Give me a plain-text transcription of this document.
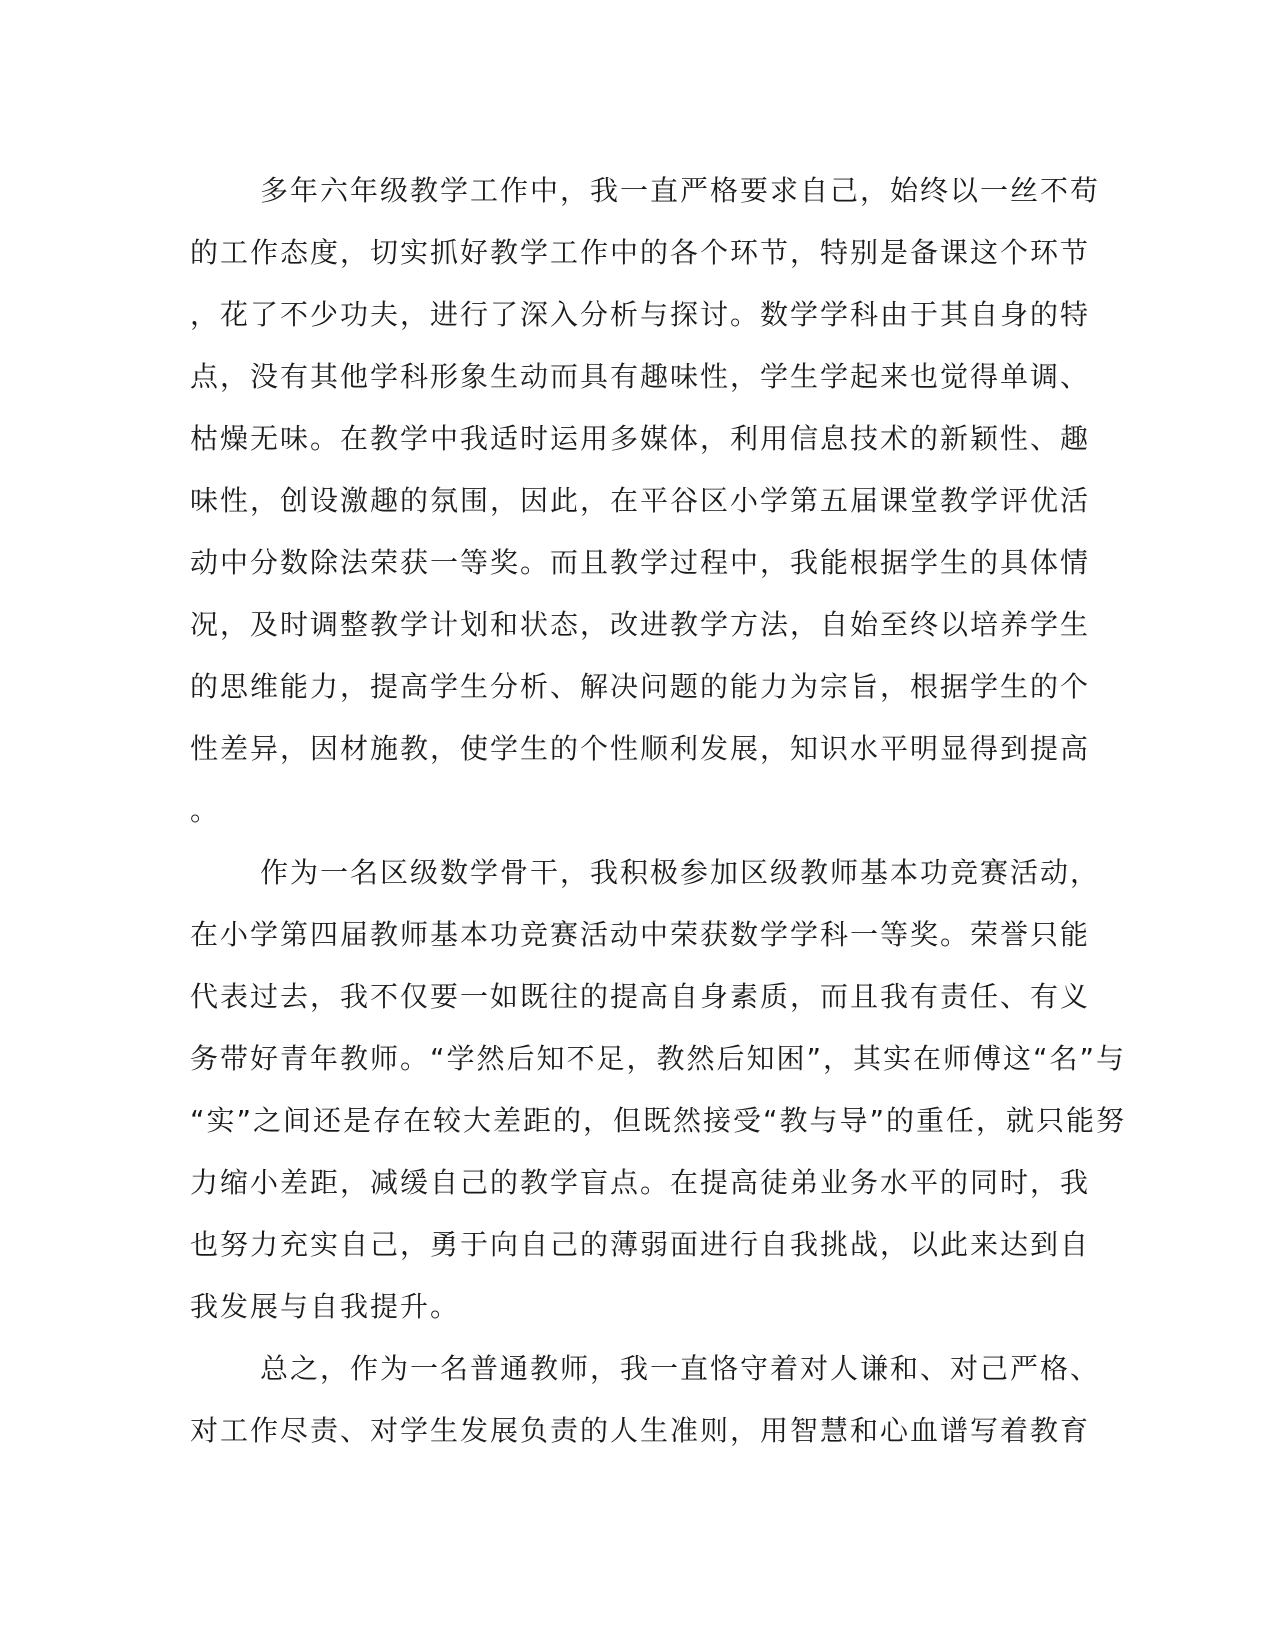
多年六年级教学工作中，我一直严格要求自己，始终以一丝不苟
的工作态度，切实抓好教学工作中的各个环节，特别是备课这个环节
，花了不少功夫，进行了深入分析与探讨。数学学科由于其自身的特
点，没有其他学科形象生动而具有趣味性，学生学起来也觉得单调、
枯燥无味。在教学中我适时运用多媒体，利用信息技术的新颖性、趣
味性，创设激趣的氛围，因此，在平谷区小学第五届课堂教学评优活
动中分数除法荣获一等奖。而且教学过程中，我能根据学生的具体情
况，及时调整教学计划和状态，改进教学方法，自始至终以培养学生
的思维能力，提高学生分析、解决问题的能力为宗旨，根据学生的个
性差异，因材施教，使学生的个性顺利发展，知识水平明显得到提高
。
作为一名区级数学骨干，我积极参加区级教师基本功竞赛活动，
在小学第四届教师基本功竞赛活动中荣获数学学科一等奖。荣誉只能
代表过去，我不仅要一如既往的提高自身素质，而且我有责任、有义
务带好青年教师。“学然后知不足，教然后知困”，其实在师傅这“名”与
“实”之间还是存在较大差距的，但既然接受“教与导”的重任，就只能努
力缩小差距，减缓自己的教学盲点。在提高徒弟业务水平的同时，我
也努力充实自己，勇于向自己的薄弱面进行自我挑战，以此来达到自
我发展与自我提升。
总之，作为一名普通教师，我一直恪守着对人谦和、对己严格、
对工作尽责、对学生发展负责的人生准则，用智慧和心血谱写着教育
